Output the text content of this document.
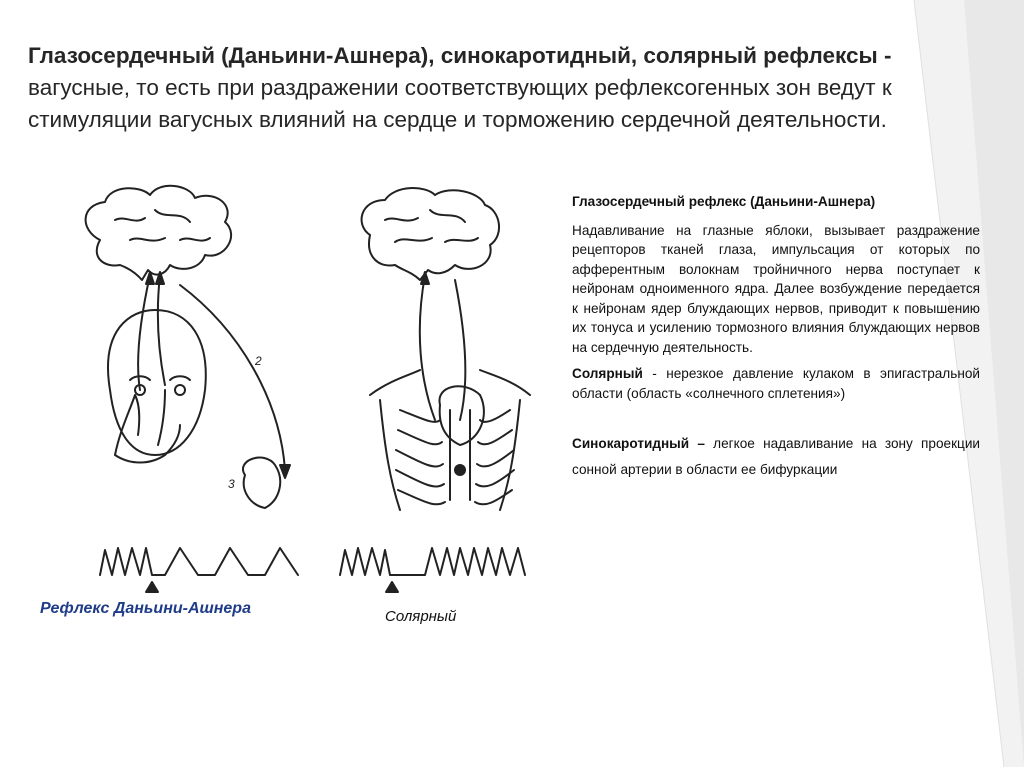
Глазосердечный (Даньини-Ашнера), синокаротидный, солярный рефлексы - вагусные, то есть при раздражении соответствующих рефлексогенных зон ведут к стимуляции вагусных влияний на сердце и торможению сердечной деятельности.
2
3
Рефлекс Даньини-Ашнера	Солярный
Глазосердечный рефлекс (Даньини-Ашнера)

Надавливание на глазные яблоки, вызывает раздражение рецепторов тканей глаза, импульсация от которых по афферентным волокнам тройничного нерва поступает к нейронам одноименного ядра. Далее возбуждение передается к нейронам ядер блуждающих нервов, приводит к повышению их тонуса и усилению тормозного влияния блуждающих нервов на сердечную деятельность.

Солярный - нерезкое давление кулаком в эпигастральной области (область «солнечного сплетения»)

Синокаротидный – легкое надавливание на зону проекции сонной артерии в области ее бифуркации
